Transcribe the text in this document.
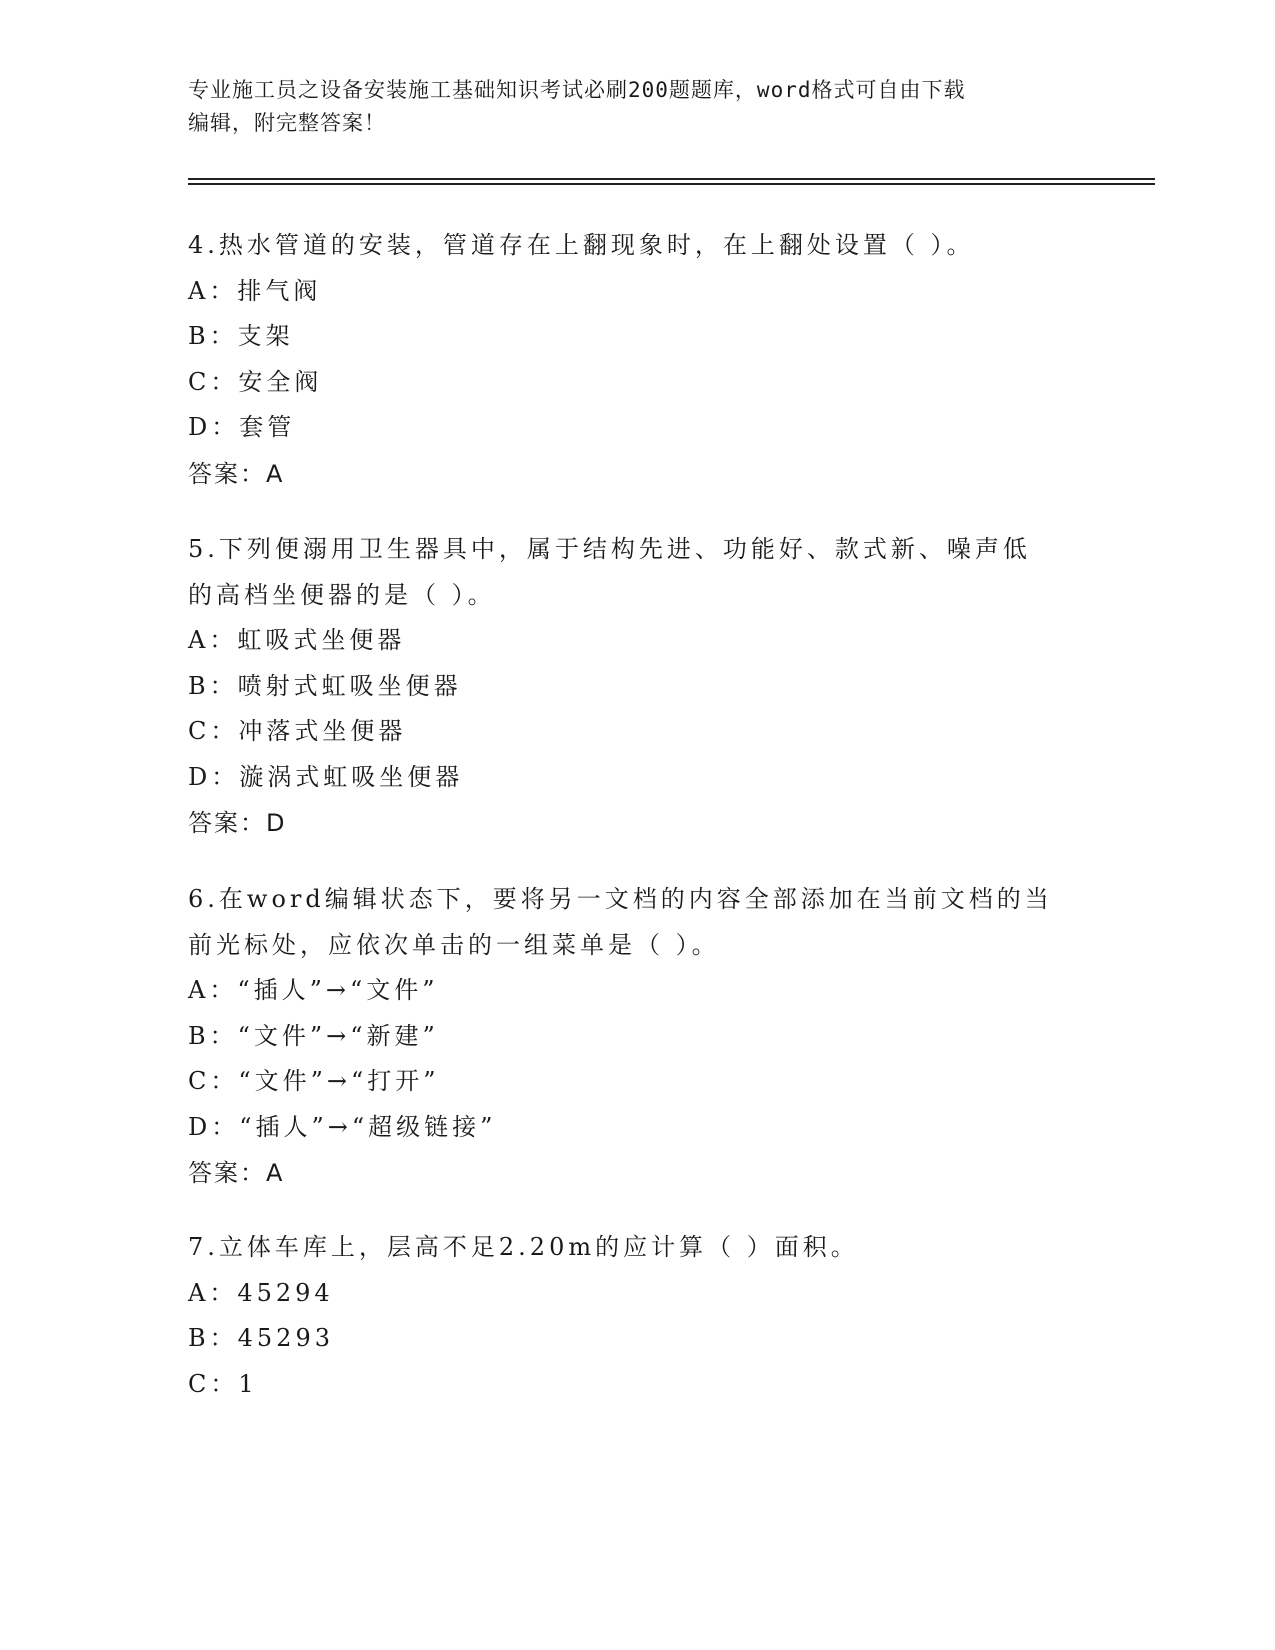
专业施工员之设备安装施工基础知识考试必刷200题题库，word格式可自由下载
编辑，附完整答案！
4.热水管道的安装，管道存在上翻现象时，在上翻处设置（ ）。
A：排气阀
B：支架
C：安全阀
D：套管
答案：A
5.下列便溺用卫生器具中，属于结构先进、功能好、款式新、噪声低
的高档坐便器的是（ ）。
A：虹吸式坐便器
B：喷射式虹吸坐便器
C：冲落式坐便器
D：漩涡式虹吸坐便器
答案：D
6.在word编辑状态下，要将另一文档的内容全部添加在当前文档的当
前光标处，应依次单击的一组菜单是（ ）。
A：“插人”→“文件”
B：“文件”→“新建”
C：“文件”→“打开”
D：“插人”→“超级链接”
答案：A
7.立体车库上，层高不足2.20m的应计算（ ）面积。
A：45294
B：45293
C：1
